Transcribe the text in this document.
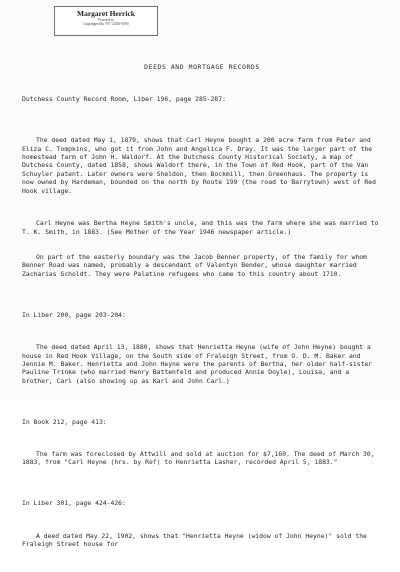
Margaret Herrick
Forward to
Lagrangeville, NY 12540-0000

DEEDS AND MORTGAGE RECORDS

Dutchess County Record Room, Liber 196, page 285-287:

The deed dated May 1, 1879, shows that Carl Heyne bought a 200 acre farm from Peter and Eliza C. Tompkins, who got it from John and Angelica F. Dray. It was the larger part of the homestead farm of John H. Waldorf. At the Dutchess County Historical Society, a map of Dutchess County, dated 1858, shows Waldorf there, in the Town of Red Hook, part of the Van Schuyler patent. Later owners were Sheldon, then Bockmill, then Greenhaus. The property is now owned by Hardeman, bounded on the north by Route 199 (the road to Barrytown) west of Red Hook village.

Carl Heyne was Bertha Heyne Smith's uncle, and this was the farm where she was married to T. K. Smith, in 1883. (See Mother of the Year 1946 newspaper article.)

On part of the easterly boundary was the Jacob Benner property, of the family for whom Benner Road was named, probably a descendant of Valentyn Bender, whose daughter married Zacharias Scholdt. They were Palatine refugees who came to this country about 1710.

In Liber 200, page 203-204:

The deed dated April 13, 1880, shows that Henrietta Heyne (wife of John Heyne) bought a house in Red Hook Village, on the South side of Fraleigh Street, from O. D. M. Baker and Jennie M. Baker. Henrietta and John Heyne were the parents of Bertha, her older half-sister Pauline Trinke (who married Henry Battenfeld and produced Annie Doyle), Louisa, and a brother, Carl (also showing up as Karl and John Carl.)

In Book 212, page 413:

The farm was foreclosed by Attwill and sold at auction for $7,160. The deed of March 30, 1883, from "Carl Heyne (hrs. by Ref) to Henrietta Lasher, recorded April 5, 1883."

In Liber 301, page 424-426:

A deed dated May 22, 1902, shows that "Henrietta Heyne (widow of John Heyne)" sold the Fraleigh Street house for
